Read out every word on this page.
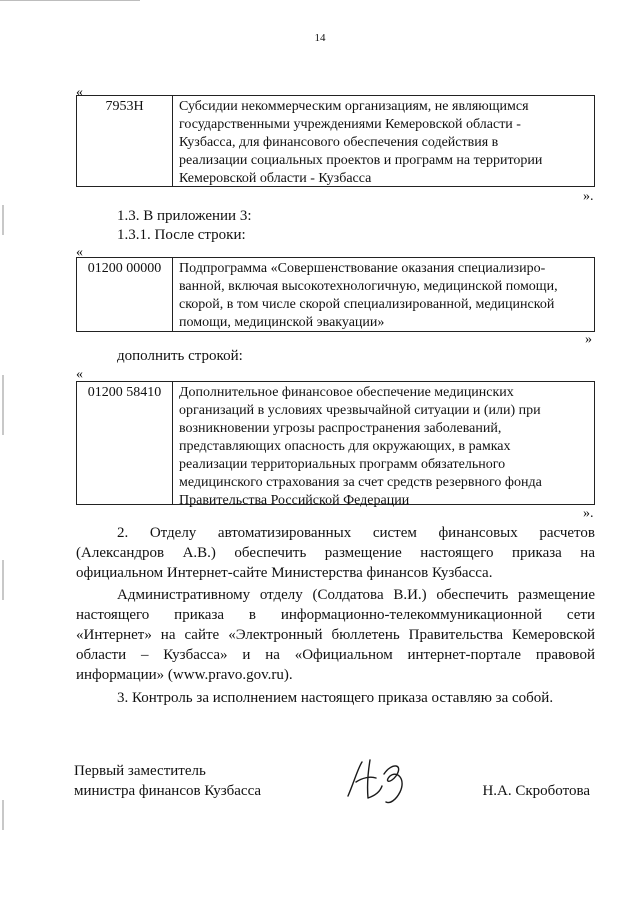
14
«
7953Н	Субсидии некоммерческим организациям, не являющимся
государственными учреждениями Кемеровской области -
Кузбасса, для финансового обеспечения содействия в
реализации социальных проектов и программ на территории
Кемеровской области - Кузбасса
».
1.3. В приложении 3:
1.3.1. После строки:
«
01200 00000	Подпрограмма «Совершенствование оказания специализиро-
ванной, включая высокотехнологичную, медицинской помощи,
скорой, в том числе скорой специализированной, медицинской
помощи, медицинской эвакуации»
»
дополнить строкой:
«
01200 58410	Дополнительное финансовое обеспечение медицинских
организаций в условиях чрезвычайной ситуации и (или) при
возникновении угрозы распространения заболеваний,
представляющих опасность для окружающих, в рамках
реализации территориальных программ обязательного
медицинского страхования за счет средств резервного фонда
Правительства Российской Федерации
».
2. Отделу автоматизированных систем финансовых расчетов
(Александров А.В.) обеспечить размещение настоящего приказа на
официальном Интернет-сайте Министерства финансов Кузбасса.
Административному отделу (Солдатова В.И.) обеспечить размещение
настоящего приказа в информационно-телекоммуникационной сети
«Интернет» на сайте «Электронный бюллетень Правительства Кемеровской
области – Кузбасса» и на «Официальном интернет-портале правовой
информации» (www.pravo.gov.ru).
3. Контроль за исполнением настоящего приказа оставляю за собой.
Первый заместитель
министра финансов Кузбасса	Н.А. Скроботова
